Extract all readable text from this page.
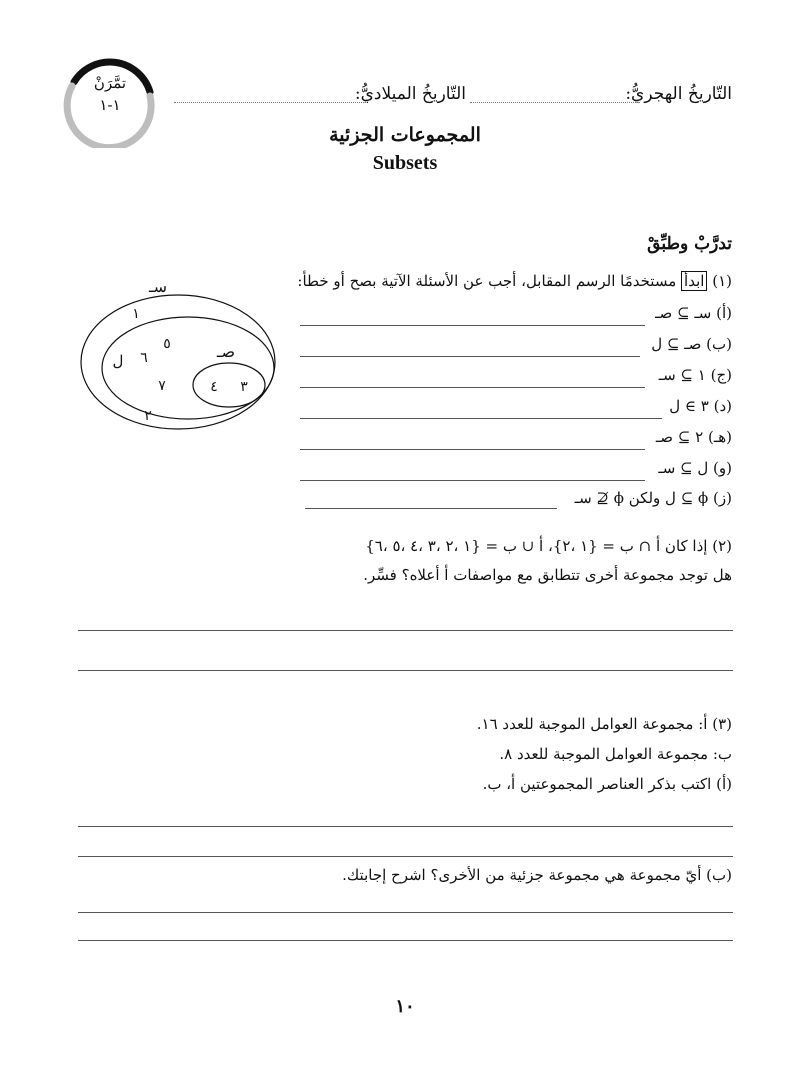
تمَّرَنْ
١-١
التّاريخُ الهجريُّ:
التّاريخُ الميلاديُّ:
المجموعات الجزئية
Subsets
تدرَّبْ وطبِّقْ
(١) ابدأ مستخدمًا الرسم المقابل، أجب عن الأسئلة الآتية بصح أو خطأ:
(أ) سـ ⊇ صـ
(ب) صـ ⊇ ل
(ج) ١ ⊇ سـ
(د) ٣ ∋ ل
(هـ) ٢ ⊇ صـ
(و) ل ⊇ سـ
(ز) ϕ ⊇ ل ولكن ϕ ⊉ سـ
سـ
ل	صـ
١
٥
٦
٧	٤ ٣
٢
(٢) إذا كان ﺃ ∩ ب = {١ ،٢}، ﺃ ∪ ب = {١ ،٢ ،٣ ،٤ ،٥ ،٦}
هل توجد مجموعة أخرى تتطابق مع مواصفات ﺃ أعلاه؟ فسِّر.
(٣) ﺃ: مجموعة العوامل الموجبة للعدد ١٦.
ب: مجموعة العوامل الموجبة للعدد ٨.
(أ) اكتب بذكر العناصر المجموعتين ﺃ، ب.
(ب) أيّ مجموعة هي مجموعة جزئية من الأخرى؟ اشرح إجابتك.
١٠
